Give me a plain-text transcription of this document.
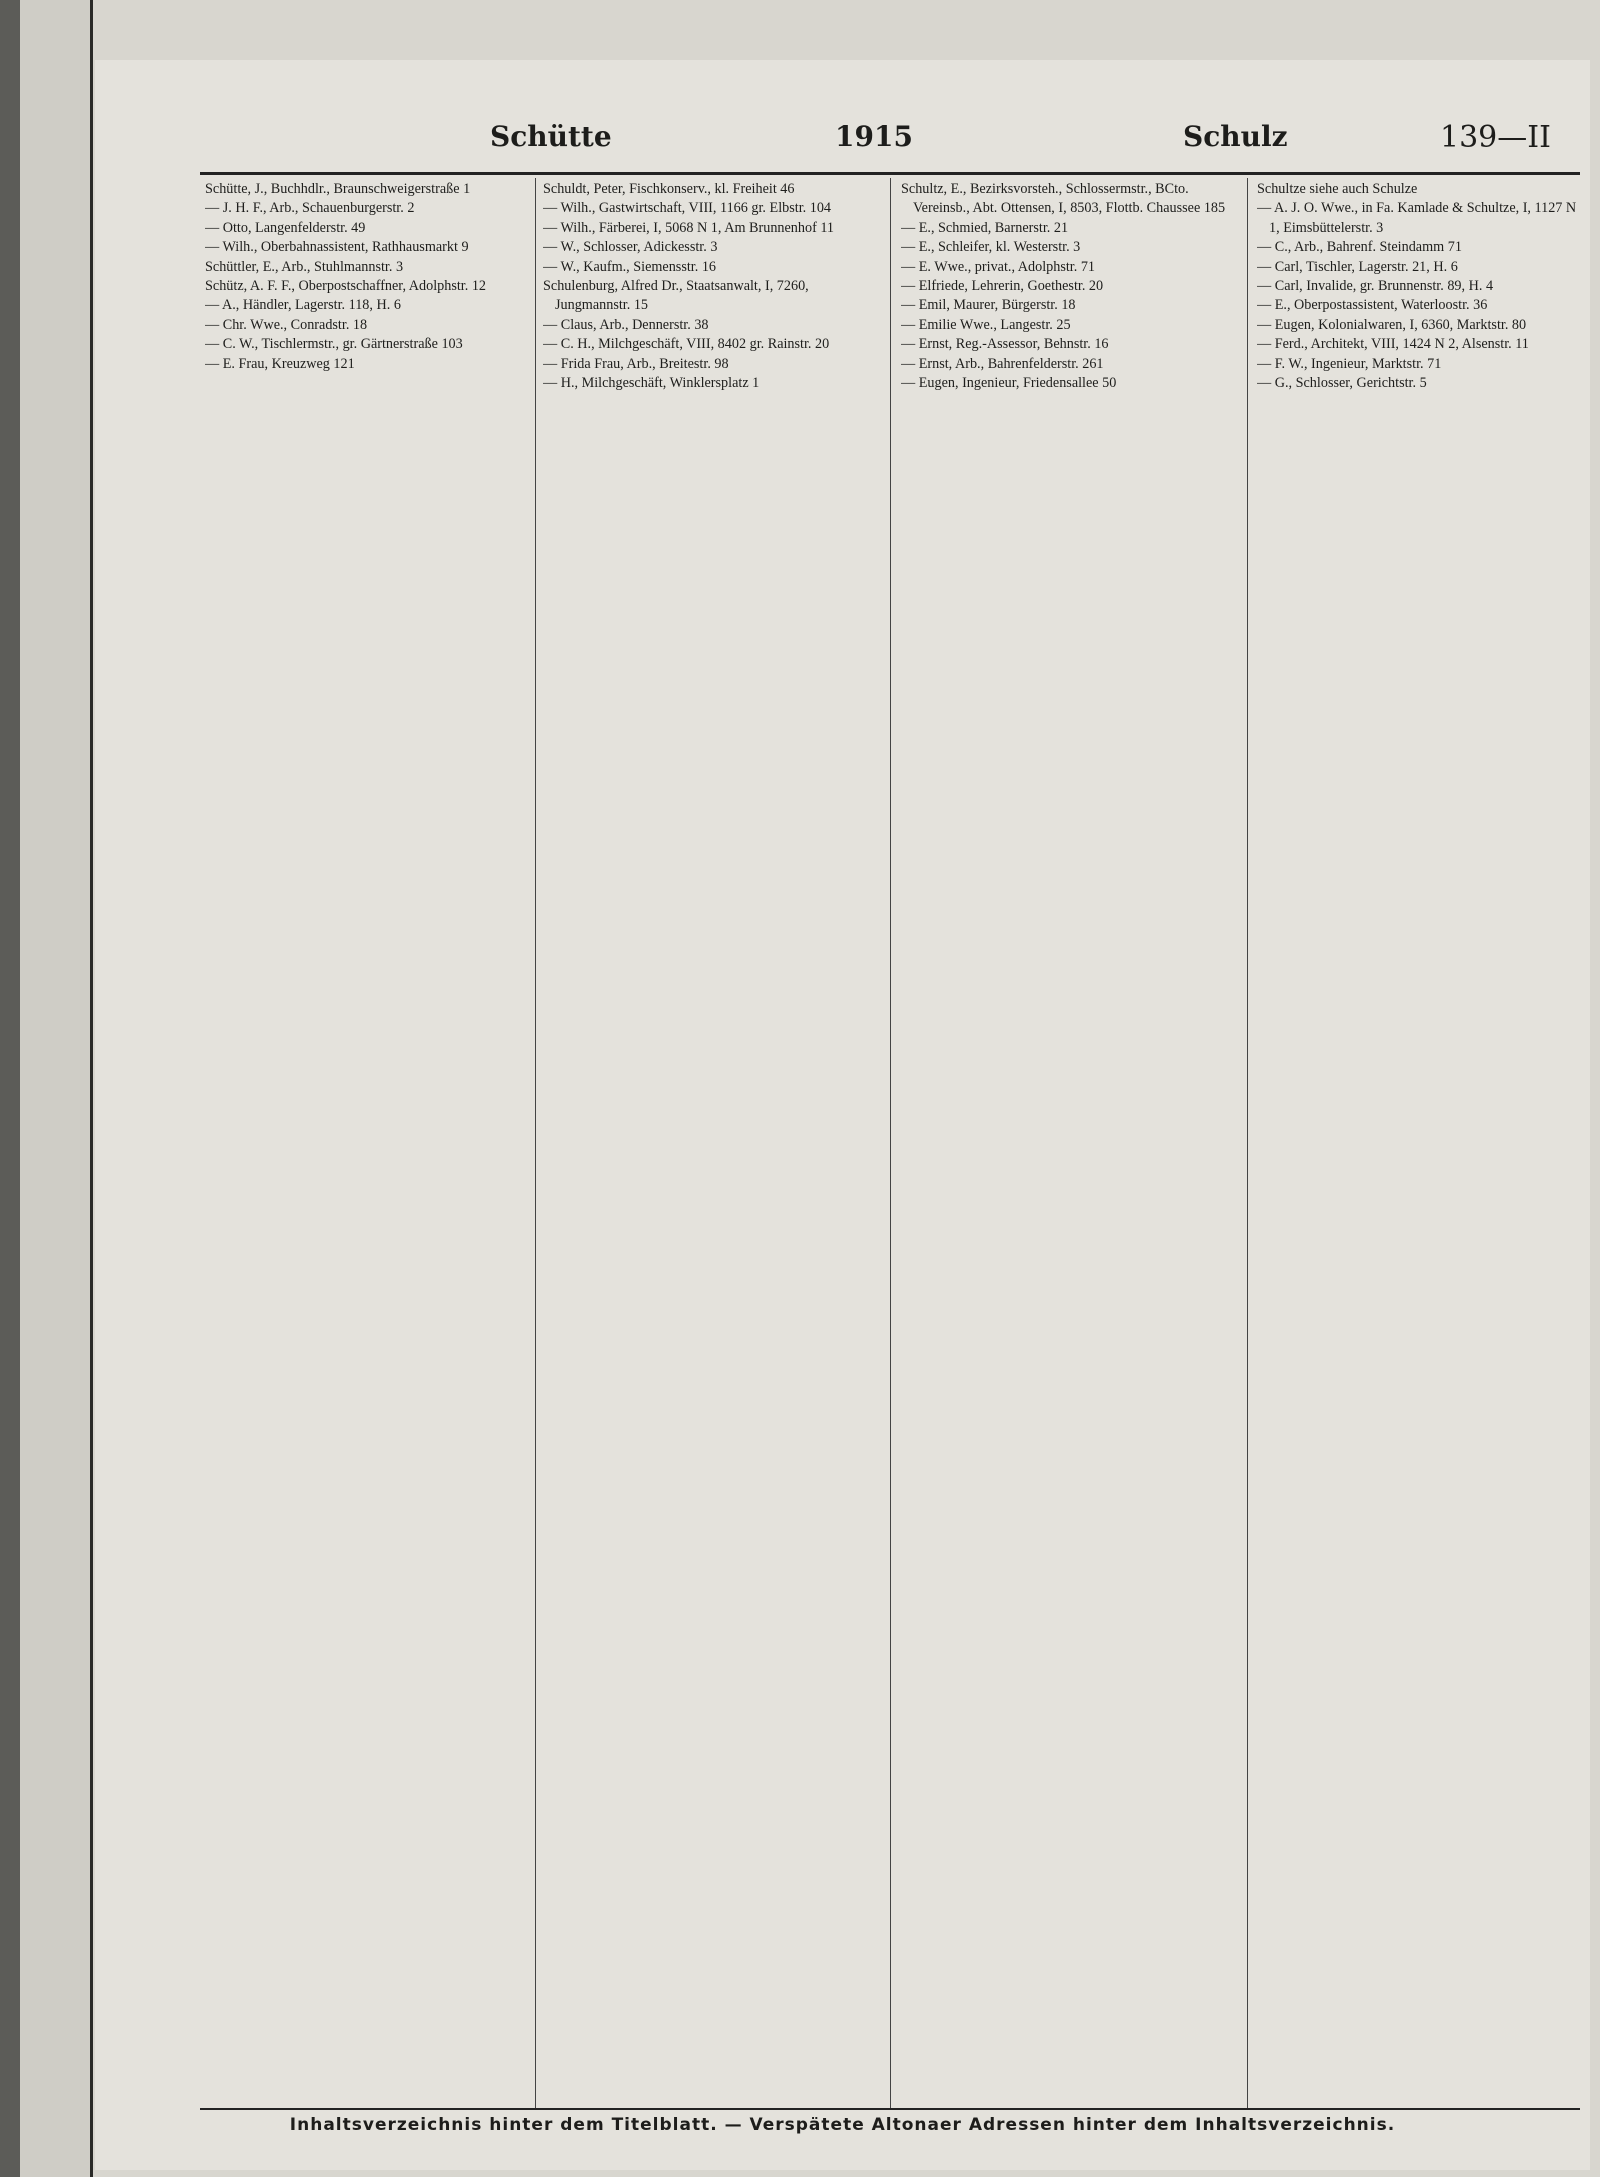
Schütte	1915	Schulz	139—II

Schütte, J., Buchhdlr., Braunschweigerstraße 1

— J. H. F., Arb., Schauenburgerstr. 2

— Otto, Langenfelderstr. 49

— Wilh., Oberbahnassistent, Rathhausmarkt 9

Schüttler, E., Arb., Stuhlmannstr. 3

Schütz, A. F. F., Oberpostschaffner, Adolphstr. 12

— A., Händler, Lagerstr. 118, H. 6

— Chr. Wwe., Conradstr. 18

— C. W., Tischlermstr., gr. Gärtnerstraße 103

— E. Frau, Kreuzweg 121

Schuldt, Peter, Fischkonserv., kl. Freiheit 46

— Wilh., Gastwirtschaft, VIII, 1166 gr. Elbstr. 104

— Wilh., Färberei, I, 5068 N 1, Am Brunnenhof 11

— W., Schlosser, Adickesstr. 3

— W., Kaufm., Siemensstr. 16

Schulenburg, Alfred Dr., Staatsanwalt, I, 7260, Jungmannstr. 15

— Claus, Arb., Dennerstr. 38

— C. H., Milchgeschäft, VIII, 8402 gr. Rainstr. 20

— Frida Frau, Arb., Breitestr. 98

— H., Milchgeschäft, Winklersplatz 1

Schultz, E., Bezirksvorsteh., Schlossermstr., BCto. Vereinsb., Abt. Ottensen, I, 8503, Flottb. Chaussee 185

— E., Schmied, Barnerstr. 21

— E., Schleifer, kl. Westerstr. 3

— E. Wwe., privat., Adolphstr. 71

— Elfriede, Lehrerin, Goethestr. 20

— Emil, Maurer, Bürgerstr. 18

— Emilie Wwe., Langestr. 25

— Ernst, Reg.-Assessor, Behnstr. 16

— Ernst, Arb., Bahrenfelderstr. 261

— Eugen, Ingenieur, Friedensallee 50

Schultze siehe auch Schulze

— A. J. O. Wwe., in Fa. Kamlade & Schultze, I, 1127 N 1, Eimsbüttelerstr. 3

— C., Arb., Bahrenf. Steindamm 71

— Carl, Tischler, Lagerstr. 21, H. 6

— Carl, Invalide, gr. Brunnenstr. 89, H. 4

— E., Oberpostassistent, Waterloostr. 36

— Eugen, Kolonialwaren, I, 6360, Marktstr. 80

— Ferd., Architekt, VIII, 1424 N 2, Alsenstr. 11

— F. W., Ingenieur, Marktstr. 71

— G., Schlosser, Gerichtstr. 5

Inhaltsverzeichnis hinter dem Titelblatt. — Verspätete Altonaer Adressen hinter dem Inhaltsverzeichnis.
